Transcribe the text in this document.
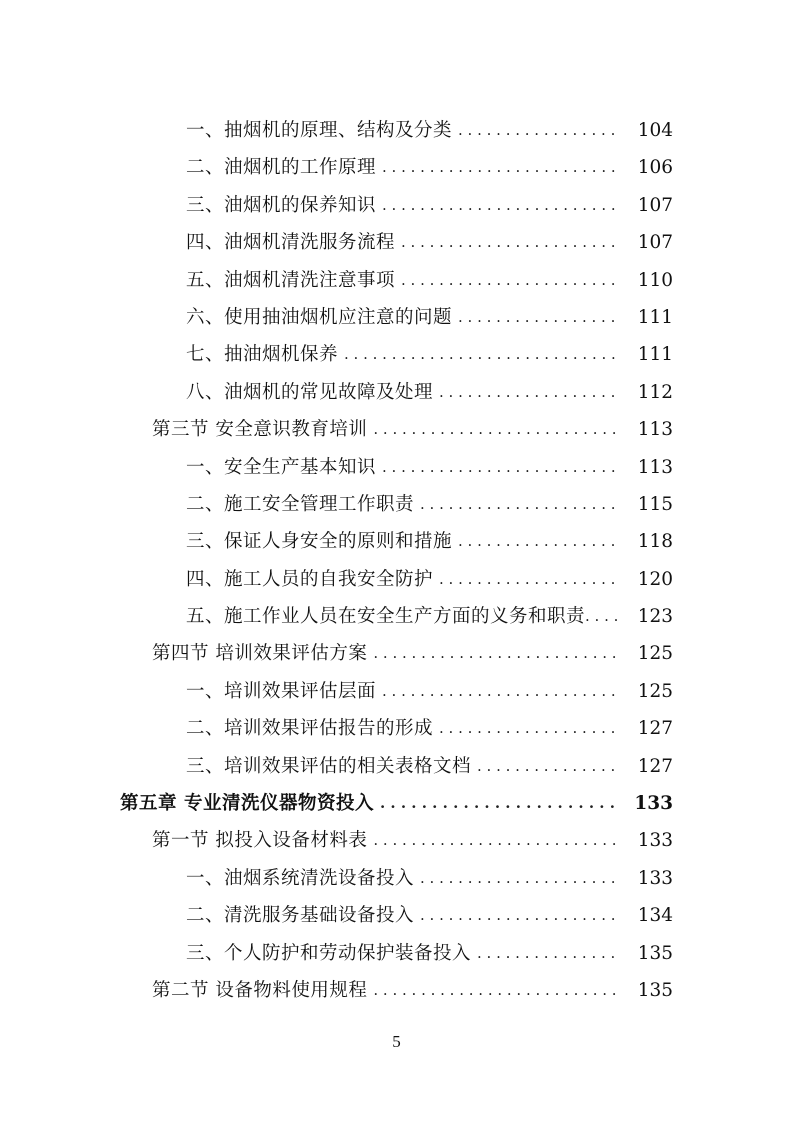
一、抽烟机的原理、结构及分类 . . .	104
二、油烟机的工作原理 . . .	106
三、油烟机的保养知识 . . .	107
四、油烟机清洗服务流程 . . .	107
五、油烟机清洗注意事项 . . .	110
六、使用抽油烟机应注意的问题 . . .	111
七、抽油烟机保养 . . .	111
八、油烟机的常见故障及处理 . . .	112
第三节 安全意识教育培训 . . .	113
一、安全生产基本知识 . . .	113
二、施工安全管理工作职责 . . .	115
三、保证人身安全的原则和措施 . . .	118
四、施工人员的自我安全防护 . . .	120
五、施工作业人员在安全生产方面的义务和职责 . . .	123
第四节 培训效果评估方案 . . .	125
一、培训效果评估层面 . . .	125
二、培训效果评估报告的形成 . . .	127
三、培训效果评估的相关表格文档 . . .	127
第五章 专业清洗仪器物资投入 . . .	133
第一节 拟投入设备材料表 . . .	133
一、油烟系统清洗设备投入 . . .	133
二、清洗服务基础设备投入 . . .	134
三、个人防护和劳动保护装备投入 . . .	135
第二节 设备物料使用规程 . . .	135
5
